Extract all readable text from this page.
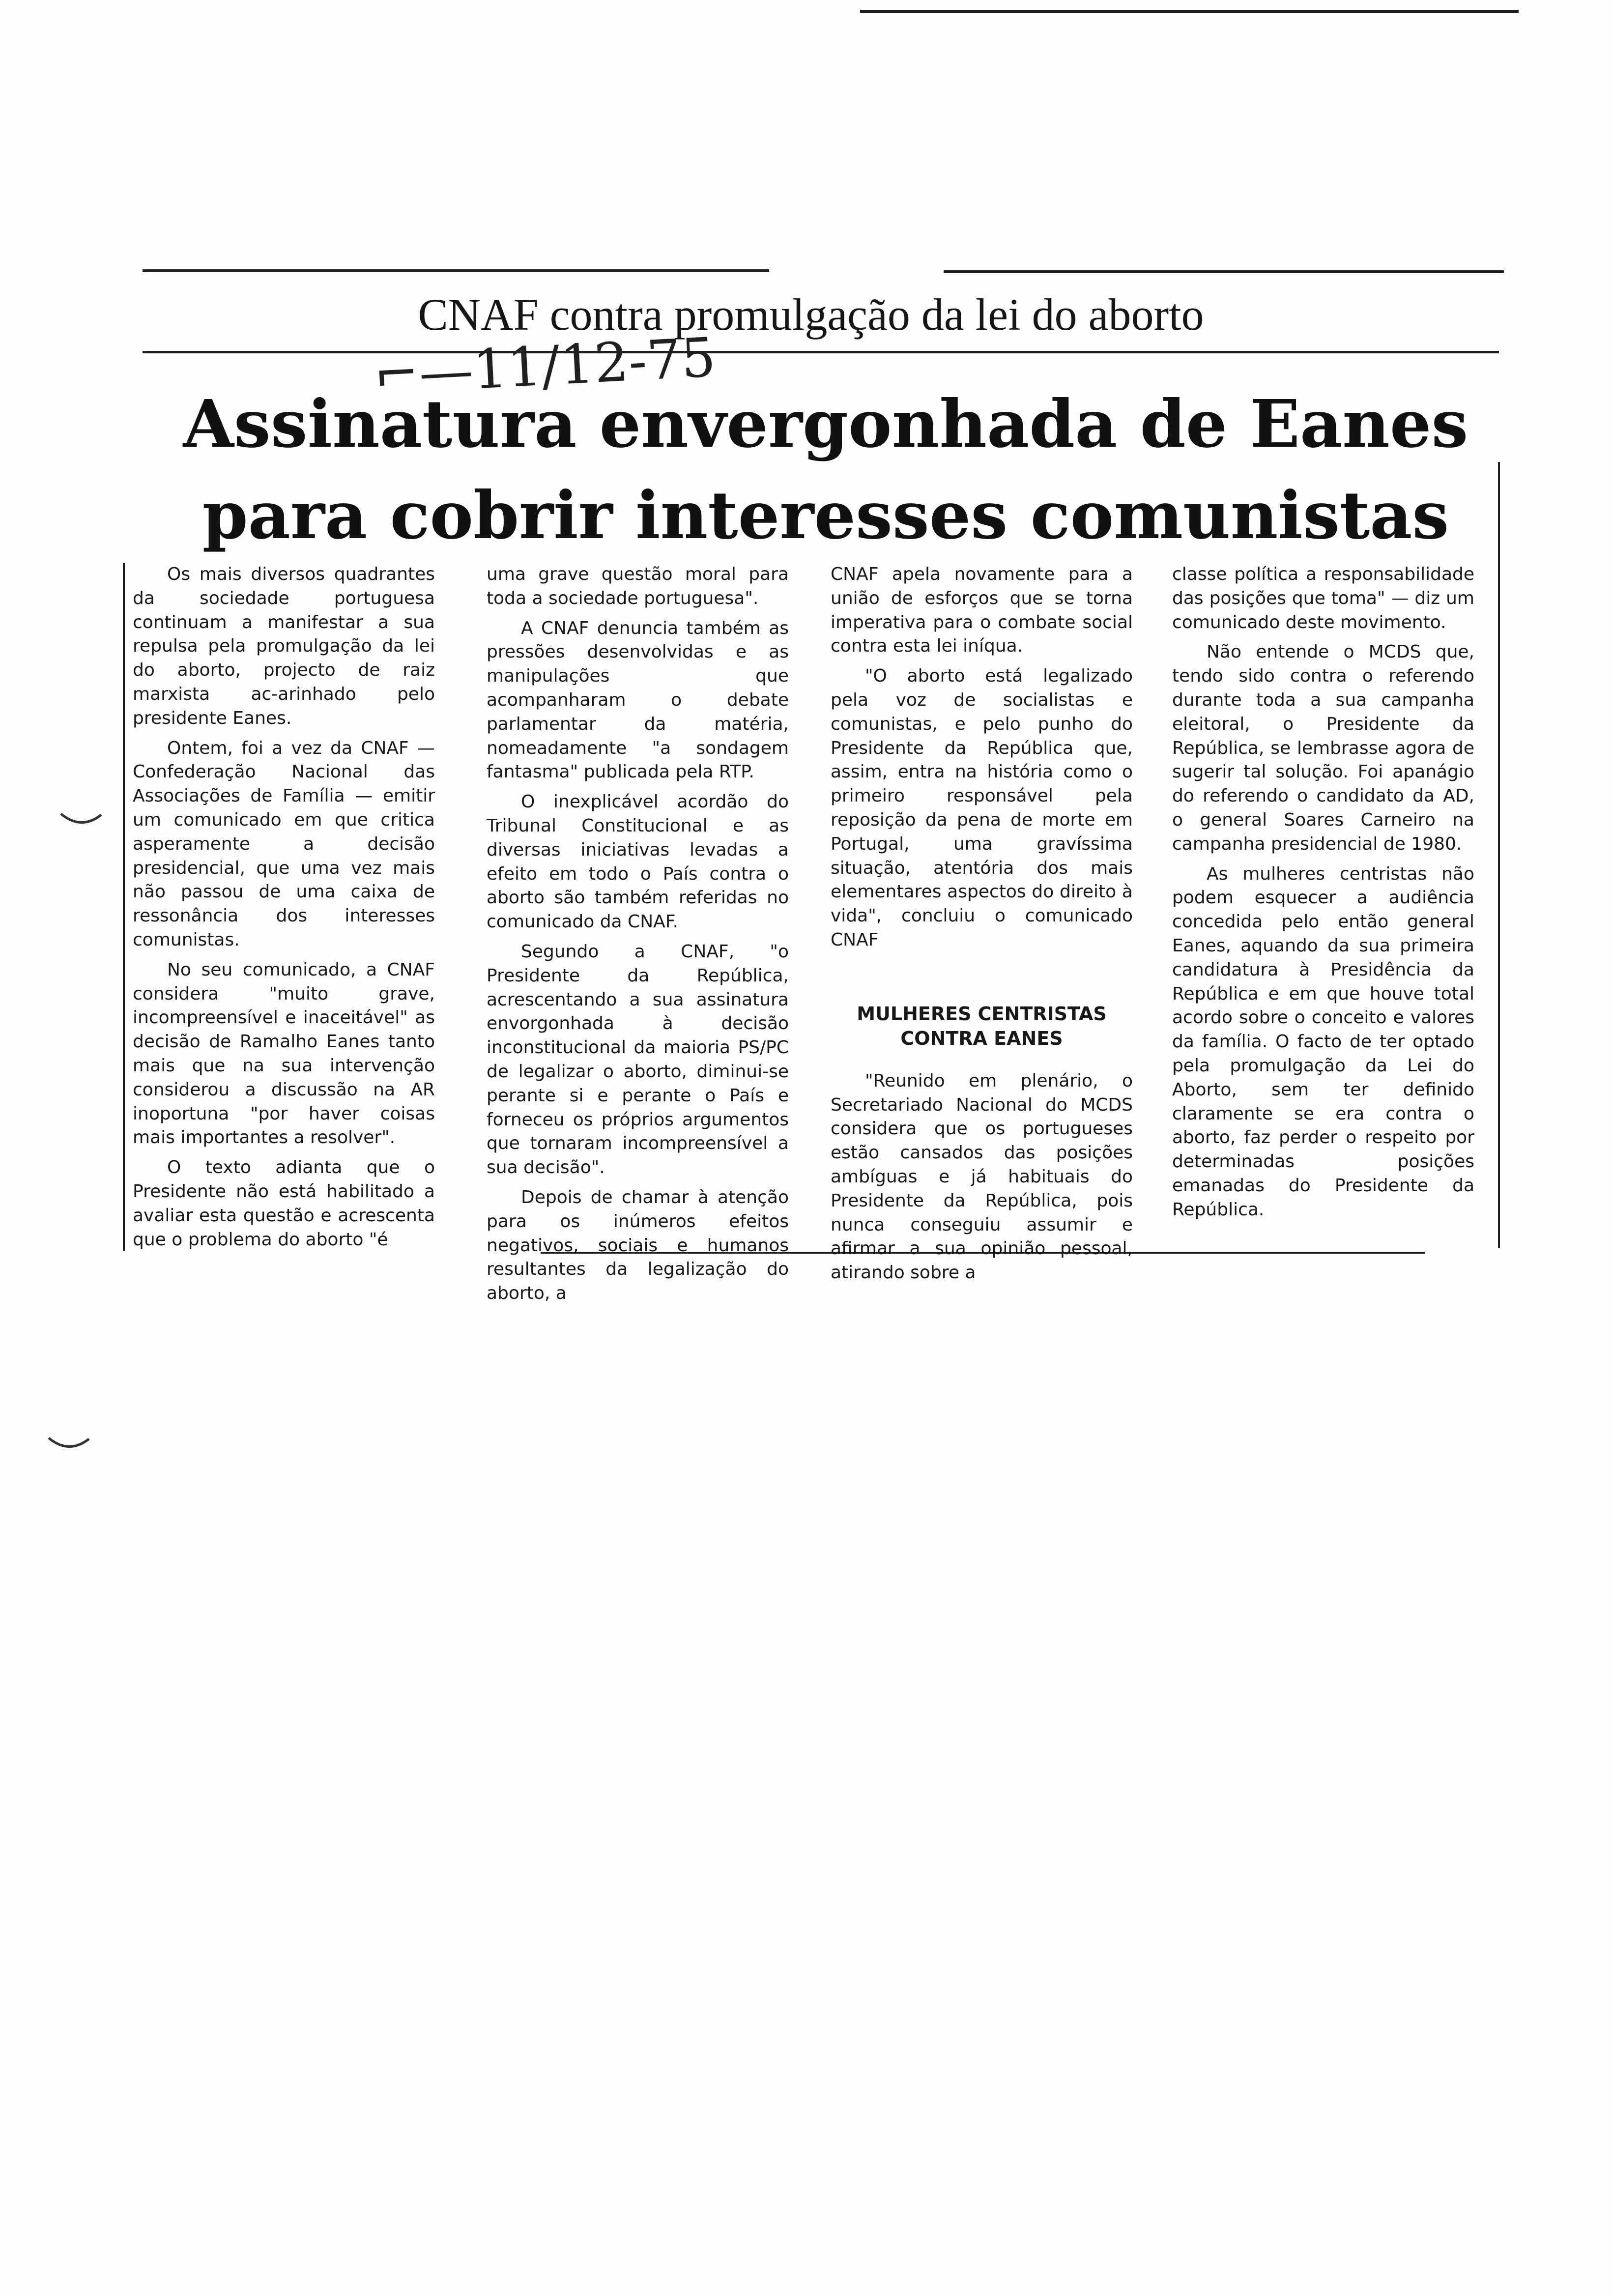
CNAF contra promulgação da lei do aborto
⌐—11/12-75
Assinatura envergonhada de Eanes
para cobrir interesses comunistas

Os mais diversos quadrantes da sociedade portuguesa continuam a manifestar a sua repulsa pela promulgação da lei do aborto, projecto de raiz marxista ac-arinhado pelo presidente Eanes.

Ontem, foi a vez da CNAF — Confederação Nacional das Associações de Família — emitir um comunicado em que critica asperamente a decisão presidencial, que uma vez mais não passou de uma caixa de ressonância dos interesses comunistas.

No seu comunicado, a CNAF considera "muito grave, incompreensível e inaceitável" as decisão de Ramalho Eanes tanto mais que na sua intervenção considerou a discussão na AR inoportuna "por haver coisas mais importantes a resolver".

O texto adianta que o Presidente não está habilitado a avaliar esta questão e acrescenta que o problema do aborto "é

uma grave questão moral para toda a sociedade portuguesa".

A CNAF denuncia também as pressões desenvolvidas e as manipulações que acompanharam o debate parlamentar da matéria, nomeadamente "a sondagem fantasma" publicada pela RTP.

O inexplicável acordão do Tribunal Constitucional e as diversas iniciativas levadas a efeito em todo o País contra o aborto são também referidas no comunicado da CNAF.

Segundo a CNAF, "o Presidente da República, acrescentando a sua assinatura envorgonhada à decisão inconstitucional da maioria PS/PC de legalizar o aborto, diminui-se perante si e perante o País e forneceu os próprios argumentos que tornaram incompreensível a sua decisão".

Depois de chamar à atenção para os inúmeros efeitos negativos, sociais e humanos resultantes da legalização do aborto, a

CNAF apela novamente para a união de esforços que se torna imperativa para o combate social contra esta lei iníqua.

"O aborto está legalizado pela voz de socialistas e comunistas, e pelo punho do Presidente da República que, assim, entra na história como o primeiro responsável pela reposição da pena de morte em Portugal, uma gravíssima situação, atentória dos mais elementares aspectos do direito à vida", concluiu o comunicado CNAF

MULHERES CENTRISTAS
CONTRA EANES

"Reunido em plenário, o Secretariado Nacional do MCDS considera que os portugueses estão cansados das posições ambíguas e já habituais do Presidente da República, pois nunca conseguiu assumir e afirmar a sua opinião pessoal, atirando sobre a

classe política a responsabilidade das posições que toma" — diz um comunicado deste movimento.

Não entende o MCDS que, tendo sido contra o referendo durante toda a sua campanha eleitoral, o Presidente da República, se lembrasse agora de sugerir tal solução. Foi apanágio do referendo o candidato da AD, o general Soares Carneiro na campanha presidencial de 1980.

As mulheres centristas não podem esquecer a audiência concedida pelo então general Eanes, aquando da sua primeira candidatura à Presidência da República e em que houve total acordo sobre o conceito e valores da família. O facto de ter optado pela promulgação da Lei do Aborto, sem ter definido claramente se era contra o aborto, faz perder o respeito por determinadas posições emanadas do Presidente da República.
